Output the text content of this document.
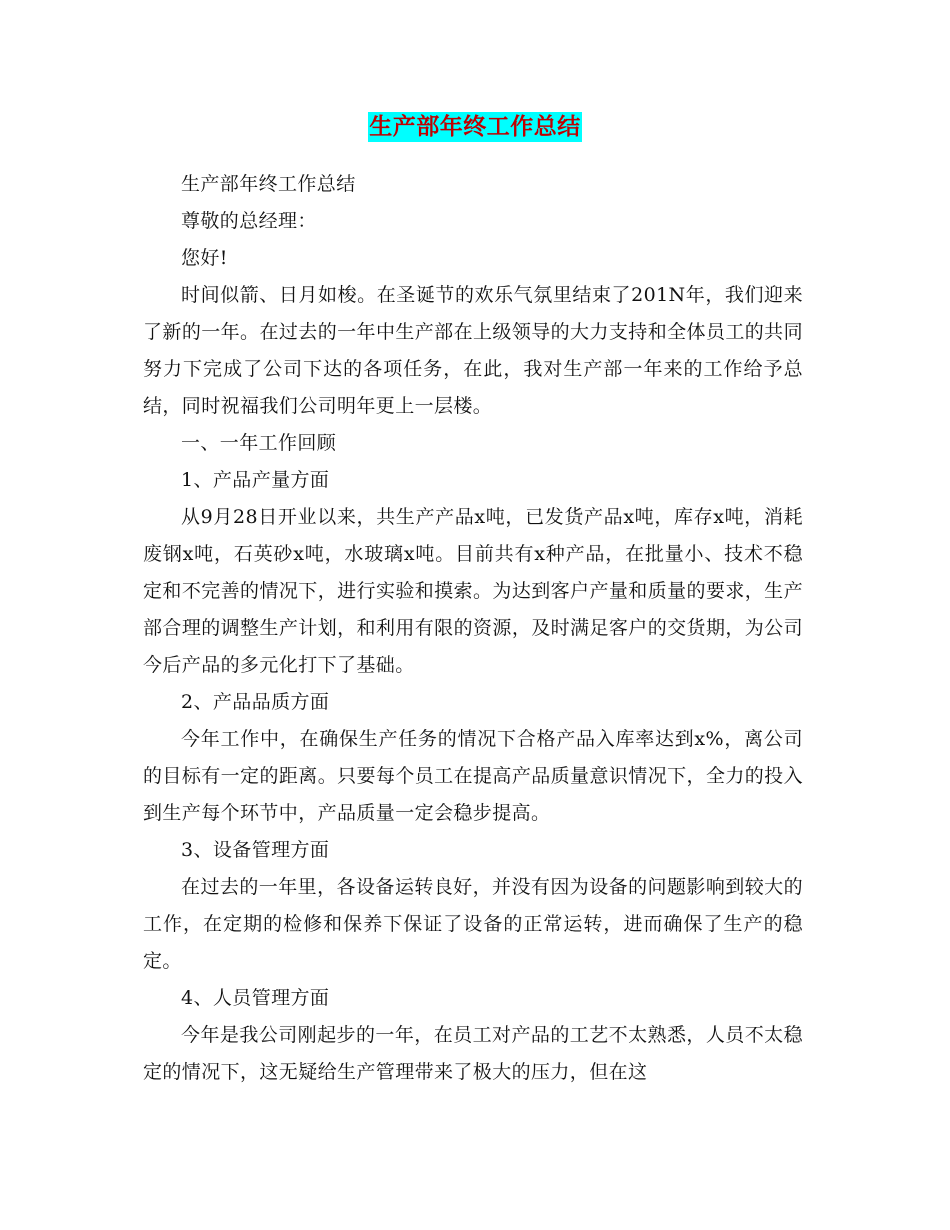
生产部年终工作总结

生产部年终工作总结

尊敬的总经理：

您好!

时间似箭、日月如梭。在圣诞节的欢乐气氛里结束了201N年，我们迎来了新的一年。在过去的一年中生产部在上级领导的大力支持和全体员工的共同努力下完成了公司下达的各项任务，在此，我对生产部一年来的工作给予总结，同时祝福我们公司明年更上一层楼。

一、一年工作回顾

1、产品产量方面

从9月28日开业以来，共生产产品x吨，已发货产品x吨，库存x吨，消耗废钢x吨，石英砂x吨，水玻璃x吨。目前共有x种产品，在批量小、技术不稳定和不完善的情况下，进行实验和摸索。为达到客户产量和质量的要求，生产部合理的调整生产计划，和利用有限的资源，及时满足客户的交货期，为公司今后产品的多元化打下了基础。

2、产品品质方面

今年工作中，在确保生产任务的情况下合格产品入库率达到x%，离公司的目标有一定的距离。只要每个员工在提高产品质量意识情况下，全力的投入到生产每个环节中，产品质量一定会稳步提高。

3、设备管理方面

在过去的一年里，各设备运转良好，并没有因为设备的问题影响到较大的工作，在定期的检修和保养下保证了设备的正常运转，进而确保了生产的稳定。

4、人员管理方面

今年是我公司刚起步的一年，在员工对产品的工艺不太熟悉，人员不太稳定的情况下，这无疑给生产管理带来了极大的压力，但在这
